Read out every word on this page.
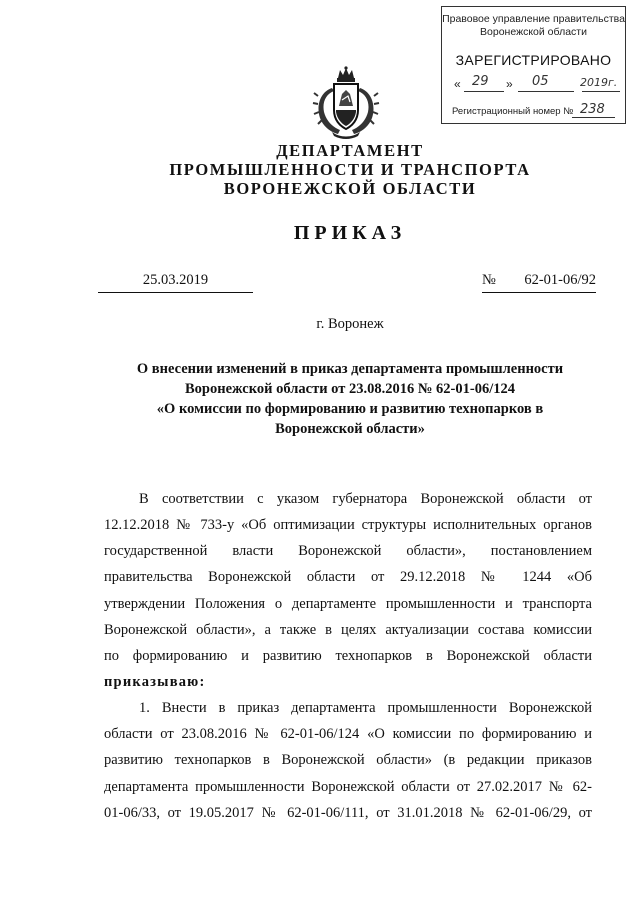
Правовое управление правительства
Воронежской области
ЗАРЕГИСТРИРОВАНО
« 29 » 05	2019г.
Регистрационный номер № 238
ДЕПАРТАМЕНТ
ПРОМЫШЛЕННОСТИ И ТРАНСПОРТА
ВОРОНЕЖСКОЙ ОБЛАСТИ
ПРИКАЗ
25.03.2019	№ 62-01-06/92
г. Воронеж
О внесении изменений в приказ департамента промышленности
Воронежской области от 23.08.2016 № 62-01-06/124
«О комиссии по формированию и развитию технопарков в
Воронежской области»
В соответствии с указом губернатора Воронежской области от
12.12.2018 № 733-у «Об оптимизации структуры исполнительных органов
государственной власти Воронежской области», постановлением
правительства Воронежской области от 29.12.2018 № 1244 «Об
утверждении Положения о департаменте промышленности и транспорта
Воронежской области», а также в целях актуализации состава комиссии
по формированию и развитию технопарков в Воронежской области
приказываю:
1. Внести в приказ департамента промышленности Воронежской
области от 23.08.2016 № 62-01-06/124 «О комиссии по формированию и
развитию технопарков в Воронежской области» (в редакции приказов
департамента промышленности Воронежской области от 27.02.2017 № 62-
01-06/33, от 19.05.2017 № 62-01-06/111, от 31.01.2018 № 62-01-06/29, от
